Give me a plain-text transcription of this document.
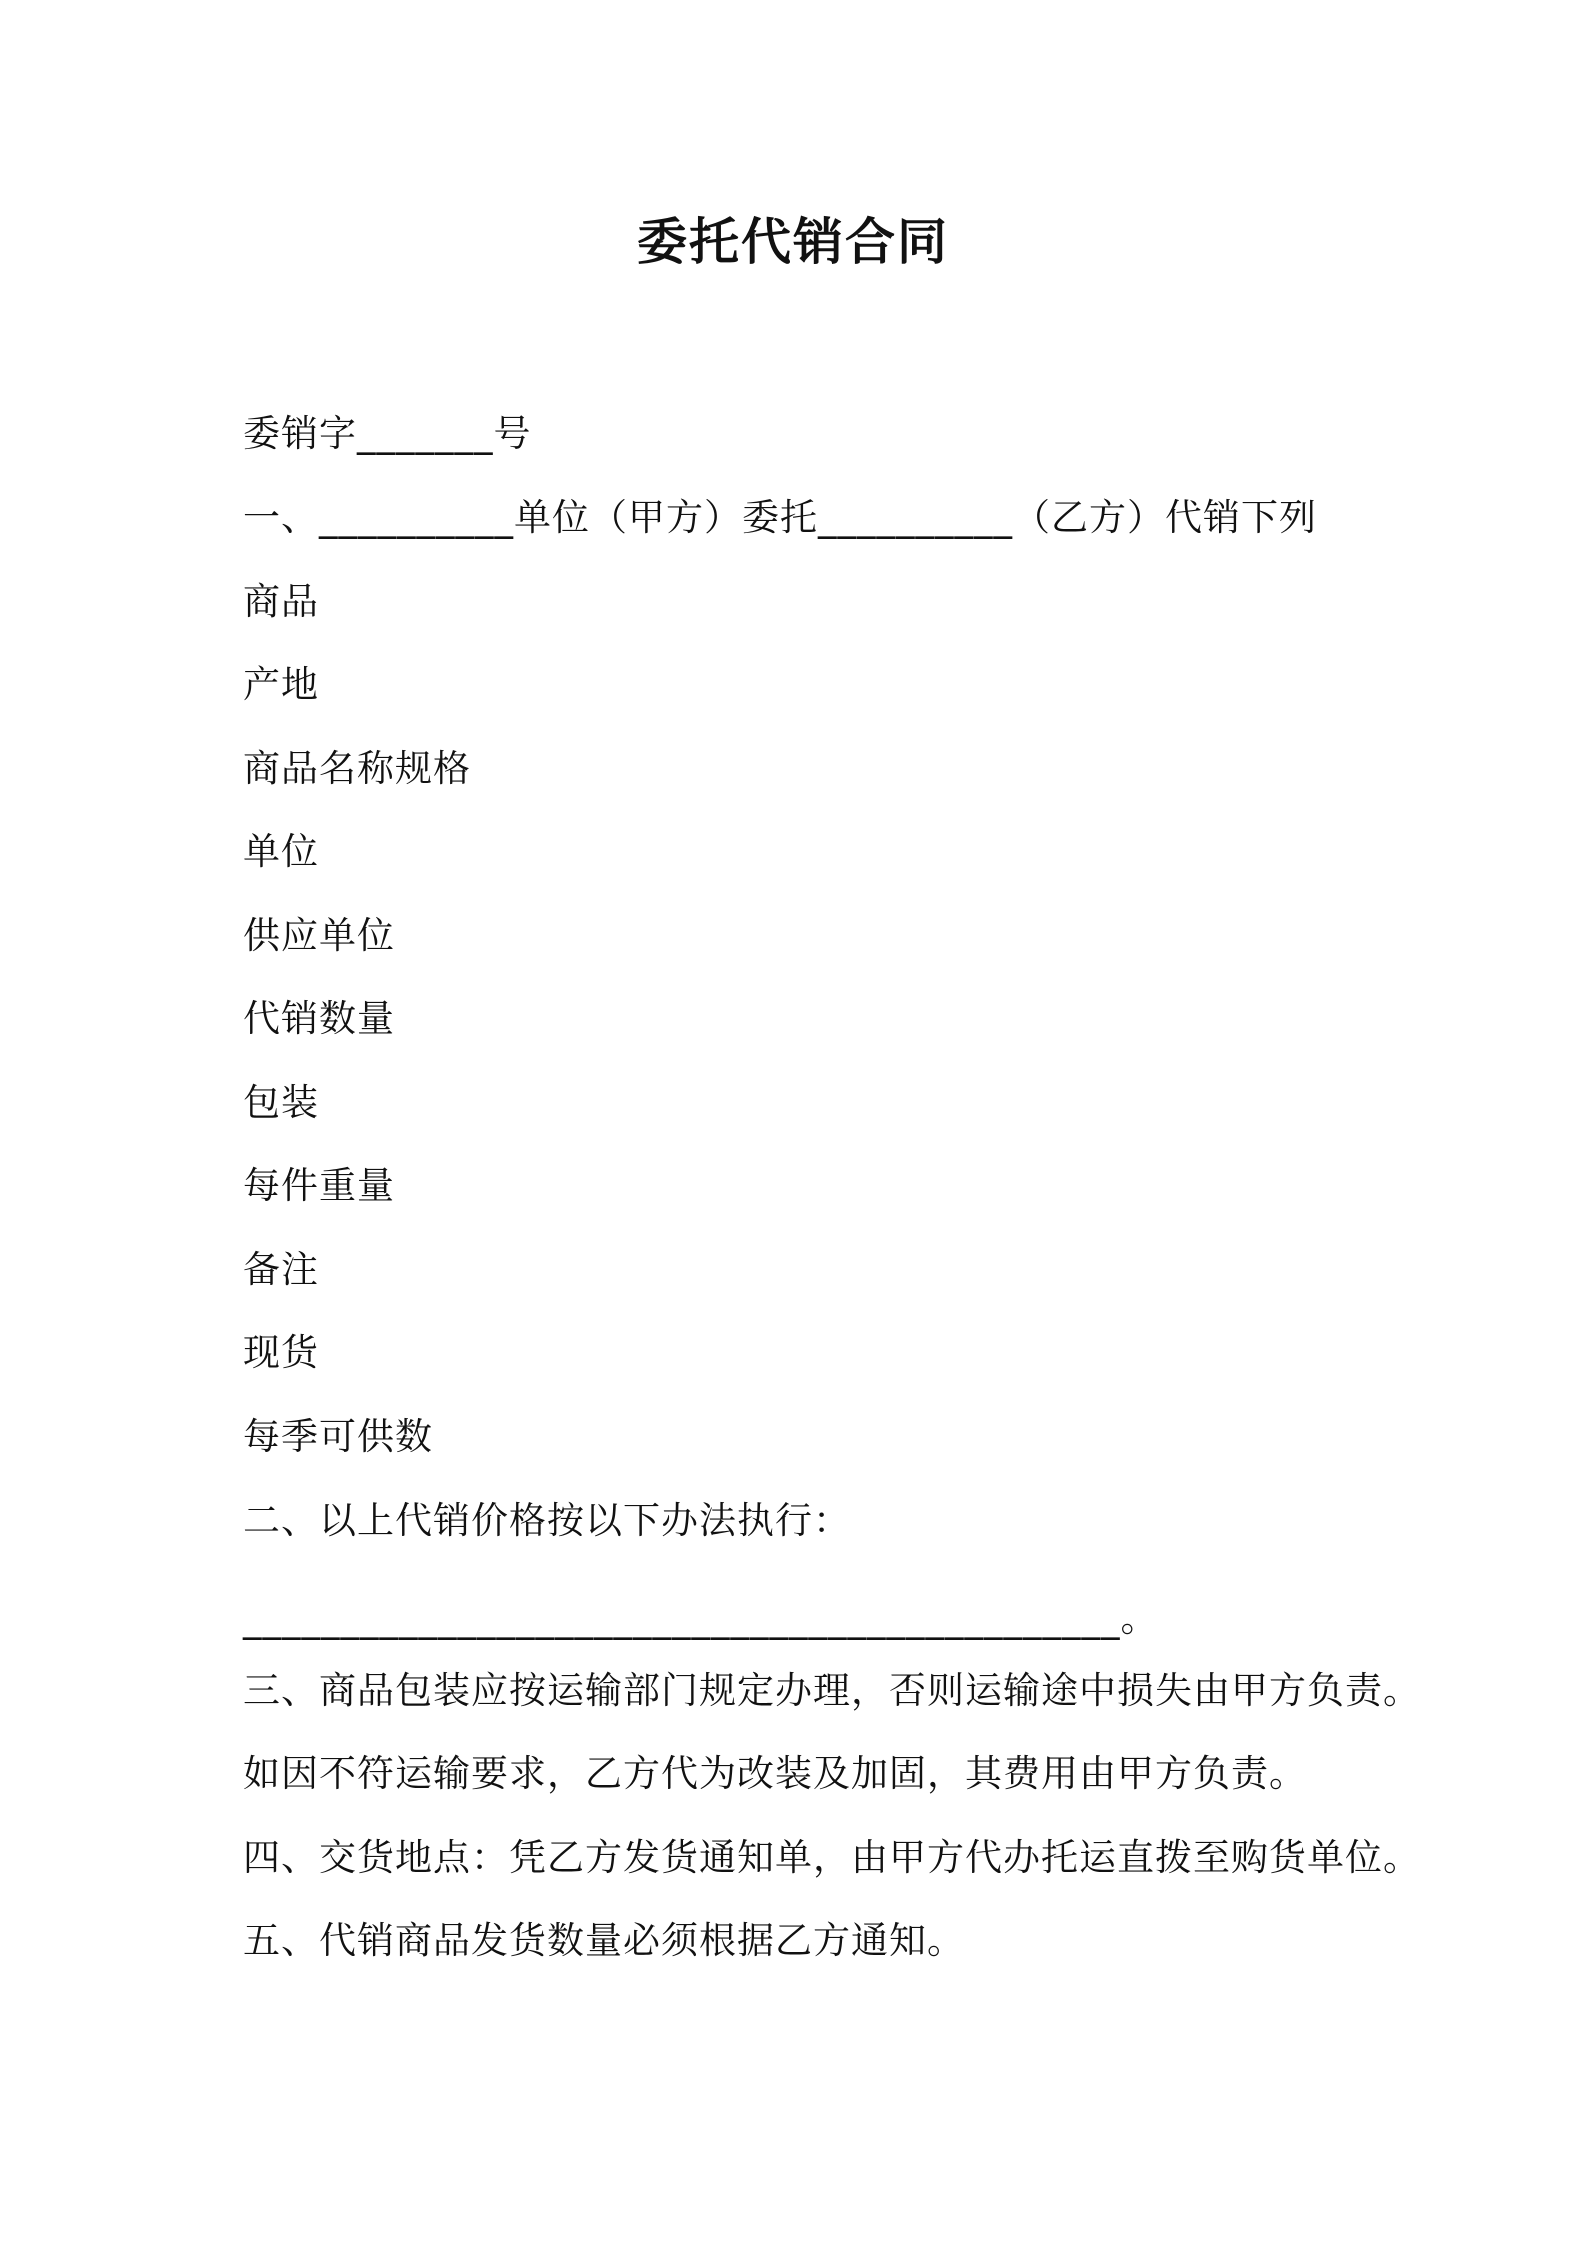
委托代销合同
委销字_______号
一、__________单位（甲方）委托__________（乙方）代销下列
商品
产地
商品名称规格
单位
供应单位
代销数量
包装
每件重量
备注
现货
每季可供数
二、以上代销价格按以下办法执行：
_____________________________________________。
三、商品包装应按运输部门规定办理，否则运输途中损失由甲方负责。
如因不符运输要求，乙方代为改装及加固，其费用由甲方负责。
四、交货地点：凭乙方发货通知单，由甲方代办托运直拨至购货单位。
五、代销商品发货数量必须根据乙方通知。
